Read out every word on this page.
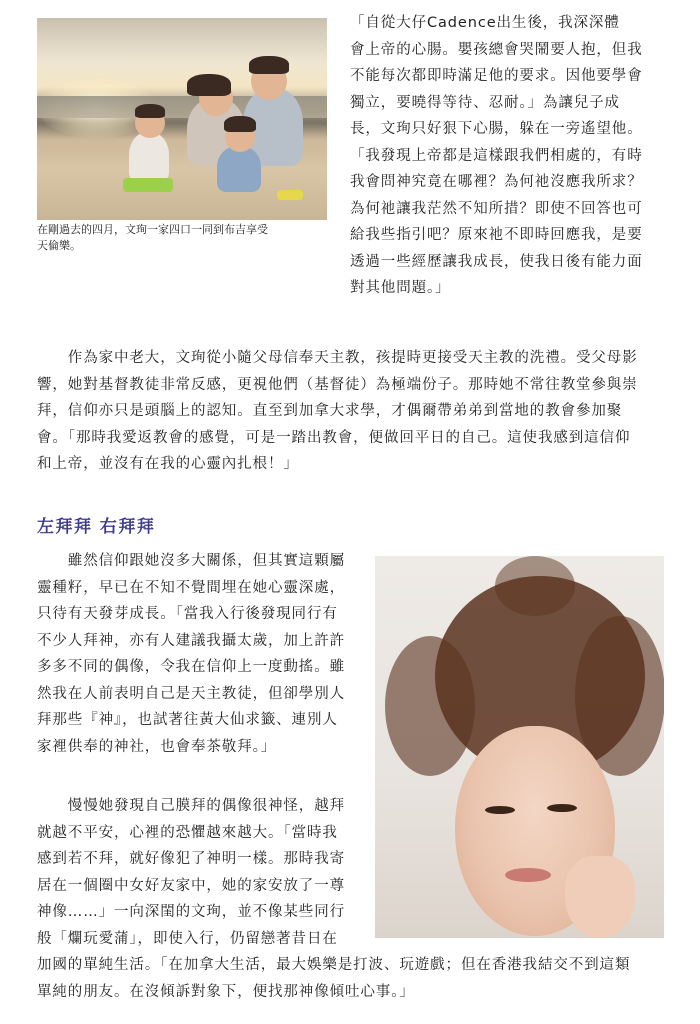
在剛過去的四月，文珣一家四口一同到布吉享受
天倫樂。
「自從大仔Cadence出生後，我深深體
會上帝的心腸。嬰孩總會哭鬧要人抱，但我
不能每次都即時滿足他的要求。因他要學會
獨立，要曉得等待、忍耐。」為讓兒子成
長，文珣只好狠下心腸，躲在一旁遙望他。
「我發現上帝都是這樣跟我們相處的，有時
我會問神究竟在哪裡？為何祂沒應我所求？
為何祂讓我茫然不知所措？即使不回答也可
給我些指引吧？原來祂不即時回應我，是要
透過一些經歷讓我成長，使我日後有能力面
對其他問題。」
　　作為家中老大，文珣從小隨父母信奉天主教，孩提時更接受天主教的洗禮。受父母影
響，她對基督教徒非常反感，更視他們（基督徒）為極端份子。那時她不常往教堂參與崇
拜，信仰亦只是頭腦上的認知。直至到加拿大求學，才偶爾帶弟弟到當地的教會參加聚
會。「那時我愛返教會的感覺，可是一踏出教會，便做回平日的自己。這使我感到這信仰
和上帝，並沒有在我的心靈內扎根！」
左拜拜 右拜拜
　　雖然信仰跟她沒多大關係，但其實這顆屬
靈種籽，早已在不知不覺間埋在她心靈深處，
只待有天發芽成長。「當我入行後發現同行有
不少人拜神，亦有人建議我攝太歲，加上許許
多多不同的偶像，令我在信仰上一度動搖。雖
然我在人前表明自己是天主教徒，但卻學別人
拜那些『神』，也試著往黃大仙求籤、連別人
家裡供奉的神社，也會奉茶敬拜。」
　　慢慢她發現自己膜拜的偶像很神怪，越拜
就越不平安，心裡的恐懼越來越大。「當時我
感到若不拜，就好像犯了神明一樣。那時我寄
居在一個圈中女好友家中，她的家安放了一尊
神像……」一向深閨的文珣，並不像某些同行
般「爛玩愛蒲」，即使入行，仍留戀著昔日在
加國的單純生活。「在加拿大生活，最大娛樂是打波、玩遊戲；但在香港我結交不到這類
單純的朋友。在沒傾訴對象下，便找那神像傾吐心事。」
